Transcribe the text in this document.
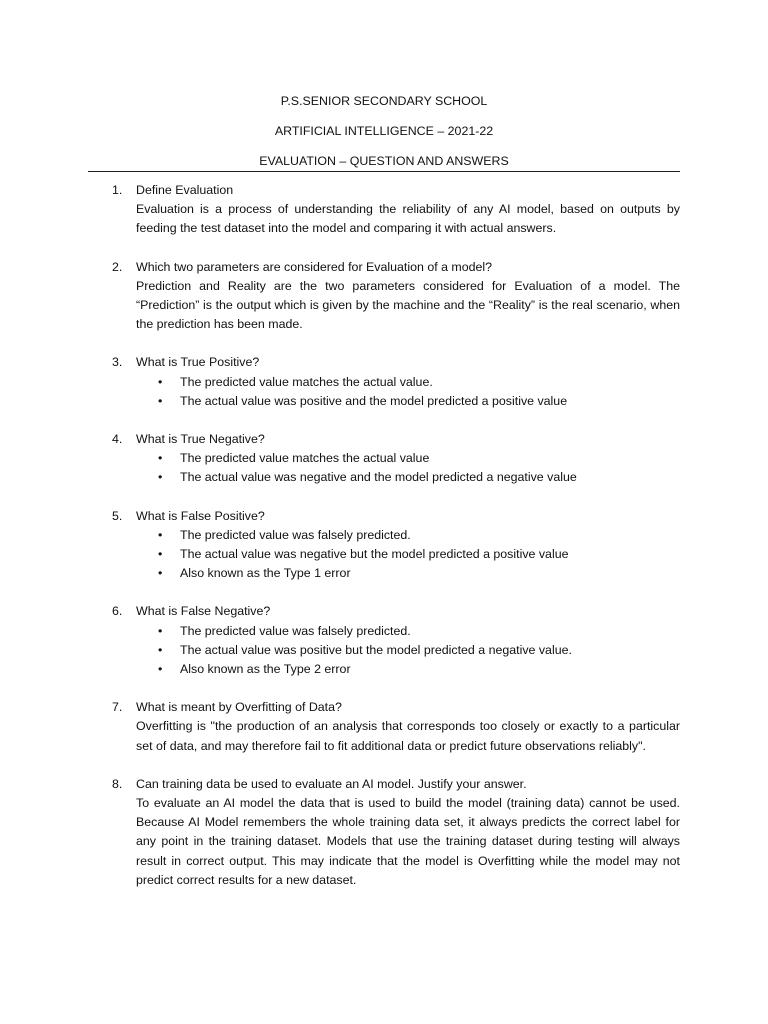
P.S.SENIOR SECONDARY SCHOOL
ARTIFICIAL INTELLIGENCE – 2021-22
EVALUATION – QUESTION AND ANSWERS
1. Define Evaluation
Evaluation is a process of understanding the reliability of any AI model, based on outputs by feeding the test dataset into the model and comparing it with actual answers.
2. Which two parameters are considered for Evaluation of a model?
Prediction and Reality are the two parameters considered for Evaluation of a model. The “Prediction” is the output which is given by the machine and the “Reality” is the real scenario, when the prediction has been made.
3. What is True Positive?
• The predicted value matches the actual value.
• The actual value was positive and the model predicted a positive value
4. What is True Negative?
• The predicted value matches the actual value
• The actual value was negative and the model predicted a negative value
5. What is False Positive?
• The predicted value was falsely predicted.
• The actual value was negative but the model predicted a positive value
• Also known as the Type 1 error
6. What is False Negative?
• The predicted value was falsely predicted.
• The actual value was positive but the model predicted a negative value.
• Also known as the Type 2 error
7. What is meant by Overfitting of Data?
Overfitting is "the production of an analysis that corresponds too closely or exactly to a particular set of data, and may therefore fail to fit additional data or predict future observations reliably".
8. Can training data be used to evaluate an AI model. Justify your answer.
To evaluate an AI model the data that is used to build the model (training data) cannot be used. Because AI Model remembers the whole training data set, it always predicts the correct label for any point in the training dataset. Models that use the training dataset during testing will always result in correct output. This may indicate that the model is Overfitting while the model may not predict correct results for a new dataset.
